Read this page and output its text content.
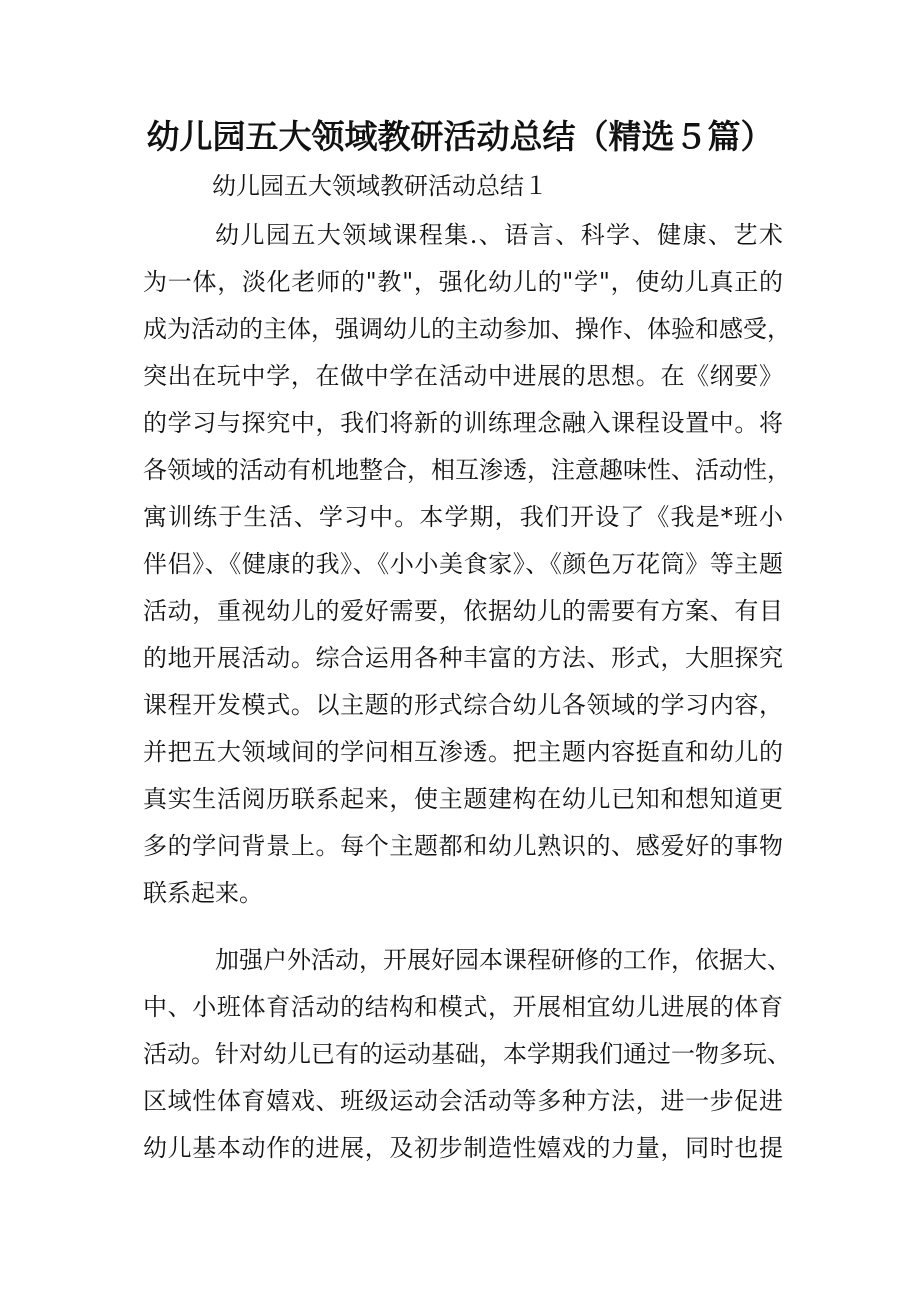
幼儿园五大领域教研活动总结（精选５篇）

幼儿园五大领域教研活动总结１

幼儿园五大领域课程集.、语言、科学、健康、艺术

为一体，淡化老师的"教"，强化幼儿的"学"，使幼儿真正的

成为活动的主体，强调幼儿的主动参加、操作、体验和感受，

突出在玩中学，在做中学在活动中进展的思想。在《纲要》

的学习与探究中，我们将新的训练理念融入课程设置中。将

各领域的活动有机地整合，相互渗透，注意趣味性、活动性，

寓训练于生活、学习中。本学期，我们开设了《我是*班小

伴侣》、《健康的我》、《小小美食家》、《颜色万花筒》等主题

活动，重视幼儿的爱好需要，依据幼儿的需要有方案、有目

的地开展活动。综合运用各种丰富的方法、形式，大胆探究

课程开发模式。以主题的形式综合幼儿各领域的学习内容，

并把五大领域间的学问相互渗透。把主题内容挺直和幼儿的

真实生活阅历联系起来，使主题建构在幼儿已知和想知道更

多的学问背景上。每个主题都和幼儿熟识的、感爱好的事物

联系起来。

加强户外活动，开展好园本课程研修的工作，依据大、

中、小班体育活动的结构和模式，开展相宜幼儿进展的体育

活动。针对幼儿已有的运动基础，本学期我们通过一物多玩、

区域性体育嬉戏、班级运动会活动等多种方法，进一步促进

幼儿基本动作的进展，及初步制造性嬉戏的力量，同时也提
